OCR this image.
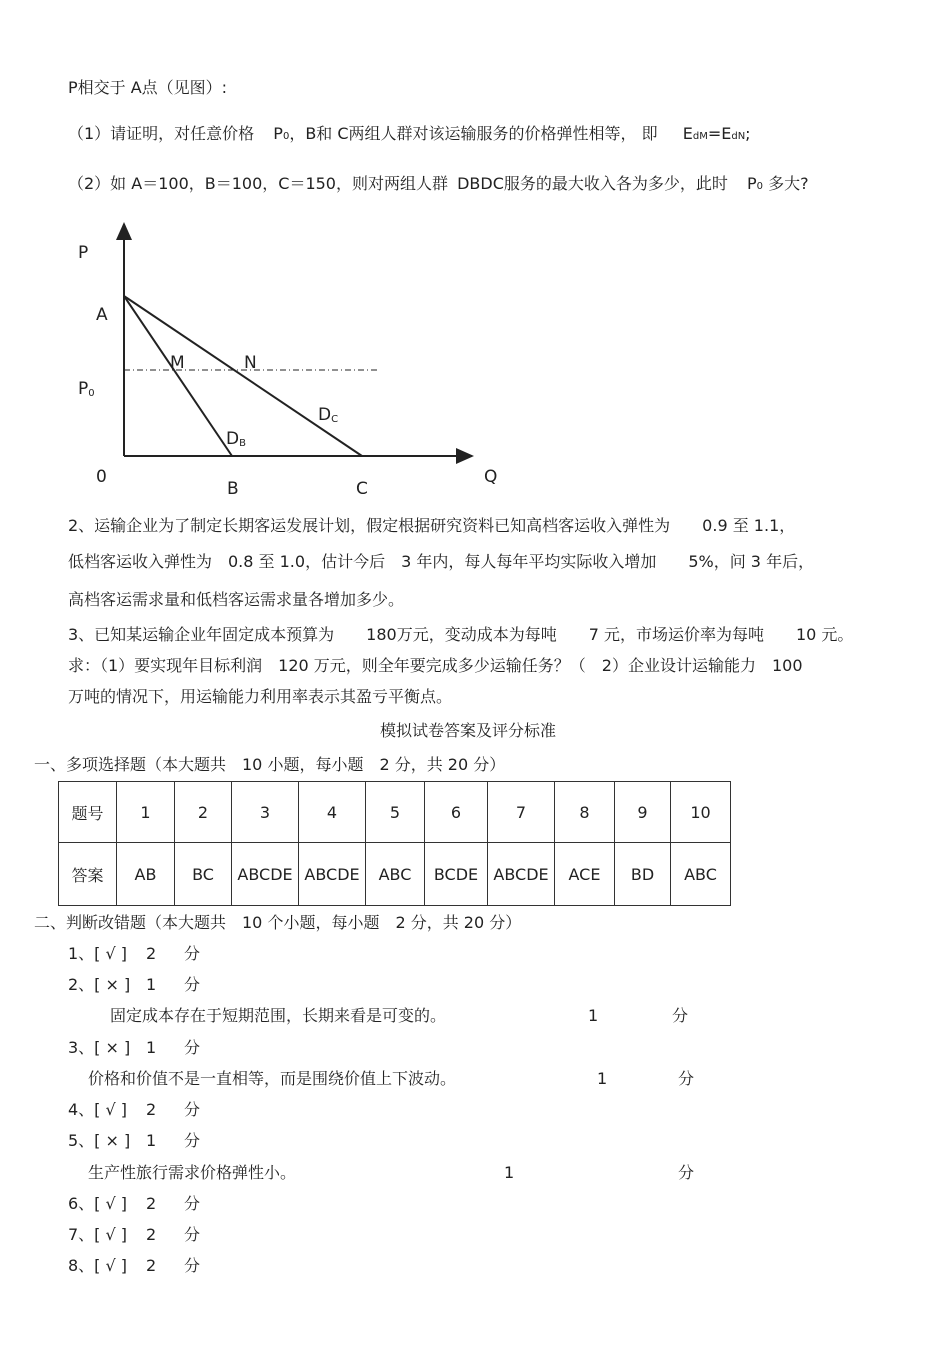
P相交于 A点（见图）:
（1）请证明，对任意价格 P0，B和 C两组人群对该运输服务的价格弹性相等， 即 EdM=EdN;
（2）如 A＝100，B＝100，C＝150，则对两组人群 DBDC服务的最大收入各为多少，此时 P0 多大?
P
A
P0
M	N
DC
DB
0	Q
B	C
2、运输企业为了制定长期客运发展计划，假定根据研究资料已知高档客运收入弹性为　　0.9 至 1.1，
低档客运收入弹性为　0.8 至 1.0，估计今后　3 年内，每人每年平均实际收入增加　　5%，问 3 年后，
高档客运需求量和低档客运需求量各增加多少。
3、已知某运输企业年固定成本预算为　　180万元，变动成本为每吨　　7 元，市场运价率为每吨　　10 元。
求：（1）要实现年目标利润　120 万元，则全年要完成多少运输任务？（　2）企业设计运输能力　100
万吨的情况下，用运输能力利用率表示其盈亏平衡点。
模拟试卷答案及评分标准
一、多项选择题（本大题共　10 小题，每小题　2 分，共 20 分）
题号	1	2	3	4	5	6	7	8	9	10
答案	AB	BC	ABCDE	ABCDE	ABC	BCDE	ABCDE	ACE	BD	ABC
二、判断改错题（本大题共　10 个小题，每小题　2 分，共 20 分）
1、[ √ ] 2 分
2、[ × ] 1 分
固定成本存在于短期范围，长期来看是可变的。	1	分
3、[ × ] 1 分
价格和价值不是一直相等，而是围绕价值上下波动。	1	分
4、[ √ ] 2 分
5、[ × ] 1 分
生产性旅行需求价格弹性小。	1	分
6、[ √ ] 2 分
7、[ √ ] 2 分
8、[ √ ] 2 分
